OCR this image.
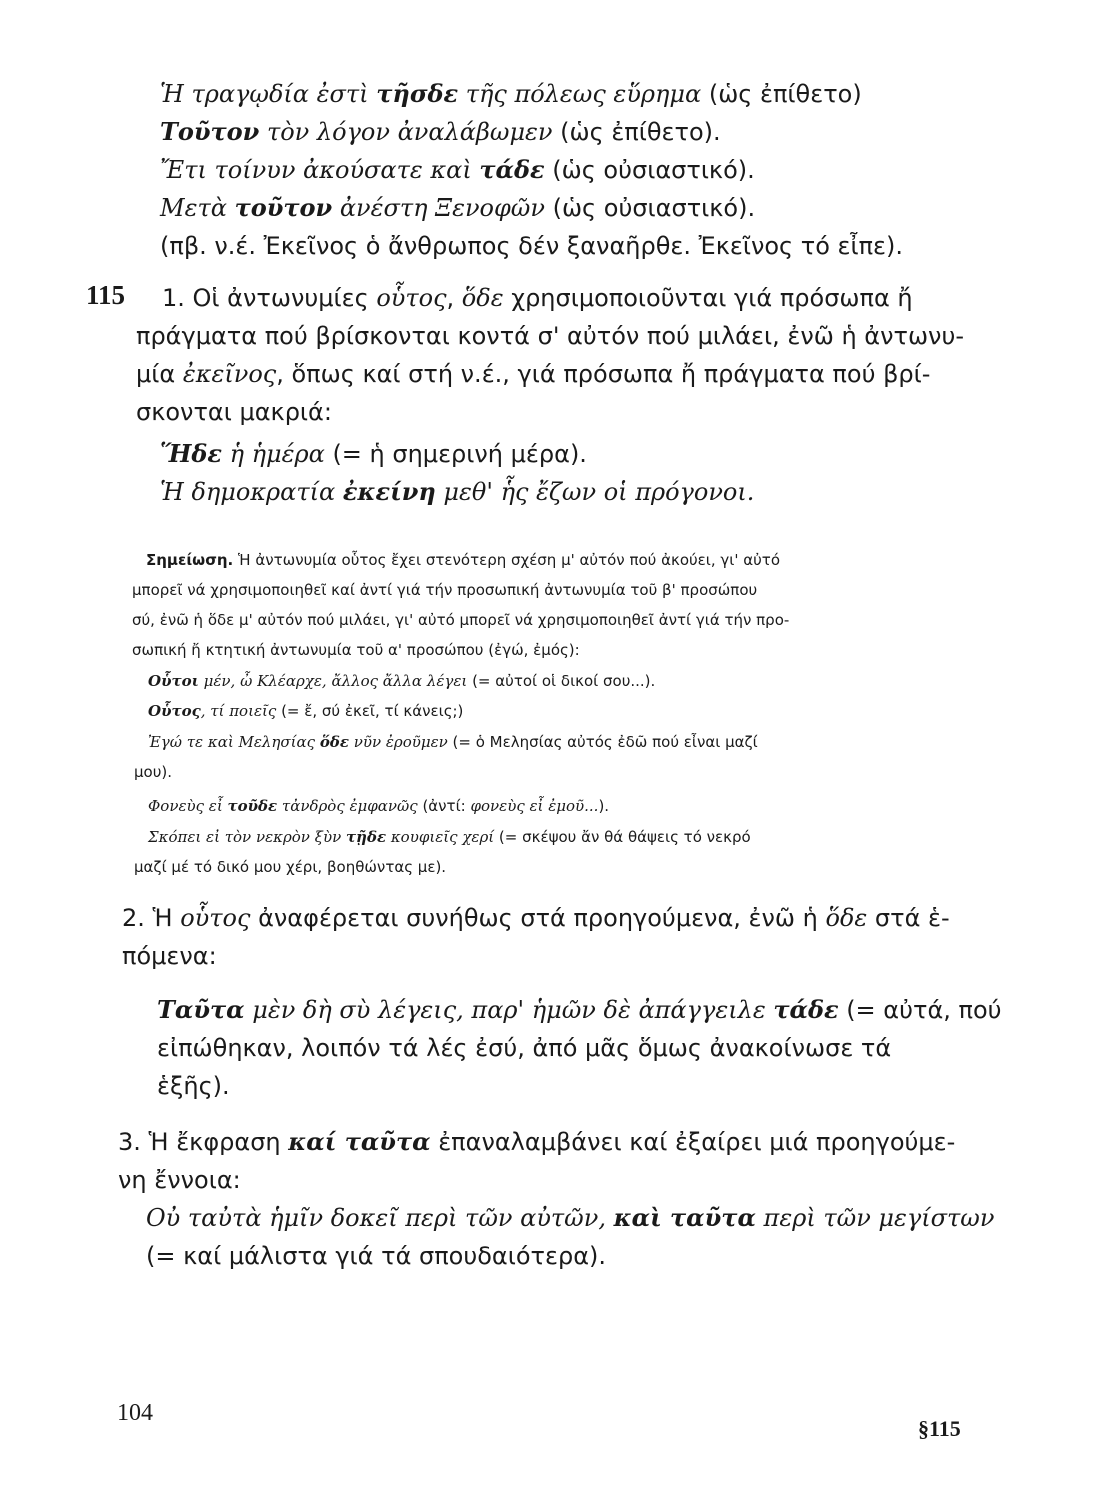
Ἡ τραγῳδία ἐστὶ τῆσδε τῆς πόλεως εὕρημα (ὡς ἐπίθετο)
Τοῦτον τὸν λόγον ἀναλάβωμεν (ὡς ἐπίθετο).
Ἔτι τοίνυν ἀκούσατε καὶ τάδε (ὡς οὐσιαστικό).
Μετὰ τοῦτον ἀνέστη Ξενοφῶν (ὡς οὐσιαστικό).
(πβ. ν.έ. Ἐκεῖνος ὁ ἄνθρωπος δέν ξαναῆρθε. Ἐκεῖνος τό εἶπε).
115 1. Οἱ ἀντωνυμίες οὗτος, ὅδε χρησιμοποιοῦνται γιά πρόσωπα ἤ
πράγματα πού βρίσκονται κοντά σ' αὐτόν πού μιλάει, ἐνῶ ἡ ἀντωνυ-
μία ἐκεῖνος, ὅπως καί στή ν.έ., γιά πρόσωπα ἤ πράγματα πού βρί-
σκονται μακριά:
Ἥδε ἡ ἡμέρα (= ἡ σημερινή μέρα).
Ἡ δημοκρατία ἐκείνη μεθ' ἧς ἔζων οἱ πρόγονοι.
Σημείωση. Ἡ ἀντωνυμία οὗτος ἔχει στενότερη σχέση μ' αὐτόν πού ἀκούει, γι' αὐτό
μπορεῖ νά χρησιμοποιηθεῖ καί ἀντί γιά τήν προσωπική ἀντωνυμία τοῦ β' προσώπου
σύ, ἐνῶ ἡ ὅδε μ' αὐτόν πού μιλάει, γι' αὐτό μπορεῖ νά χρησιμοποιηθεῖ ἀντί γιά τήν προ-
σωπική ἤ κτητική ἀντωνυμία τοῦ α' προσώπου (ἐγώ, ἐμός):
Οὗτοι μέν, ὦ Κλέαρχε, ἄλλος ἄλλα λέγει (= αὐτοί οἱ δικοί σου...).
Οὗτος, τί ποιεῖς (= ἔ, σύ ἐκεῖ, τί κάνεις;)
Ἐγώ τε καὶ Μελησίας ὅδε νῦν ἐροῦμεν (= ὁ Μελησίας αὐτός ἐδῶ πού εἶναι μαζί
μου).
Φονεὺς εἶ τοῦδε τἀνδρὸς ἐμφανῶς (ἀντί: φονεὺς εἶ ἐμοῦ...).
Σκόπει εἰ τὸν νεκρὸν ξὺν τῇδε κουφιεῖς χερί (= σκέψου ἄν θά θάψεις τό νεκρό
μαζί μέ τό δικό μου χέρι, βοηθώντας με).
2. Ἡ οὗτος ἀναφέρεται συνήθως στά προηγούμενα, ἐνῶ ἡ ὅδε στά ἑ-
πόμενα:
Ταῦτα μὲν δὴ σὺ λέγεις, παρ' ἡμῶν δὲ ἀπάγγειλε τάδε (= αὐτά, πού
εἰπώθηκαν, λοιπόν τά λές ἐσύ, ἀπό μᾶς ὅμως ἀνακοίνωσε τά
ἑξῆς).
3. Ἡ ἔκφραση καί ταῦτα ἐπαναλαμβάνει καί ἐξαίρει μιά προηγούμε-
νη ἔννοια:
Οὐ ταὐτὰ ἡμῖν δοκεῖ περὶ τῶν αὐτῶν, καὶ ταῦτα περὶ τῶν μεγίστων
(= καί μάλιστα γιά τά σπουδαιότερα).
104
§115
